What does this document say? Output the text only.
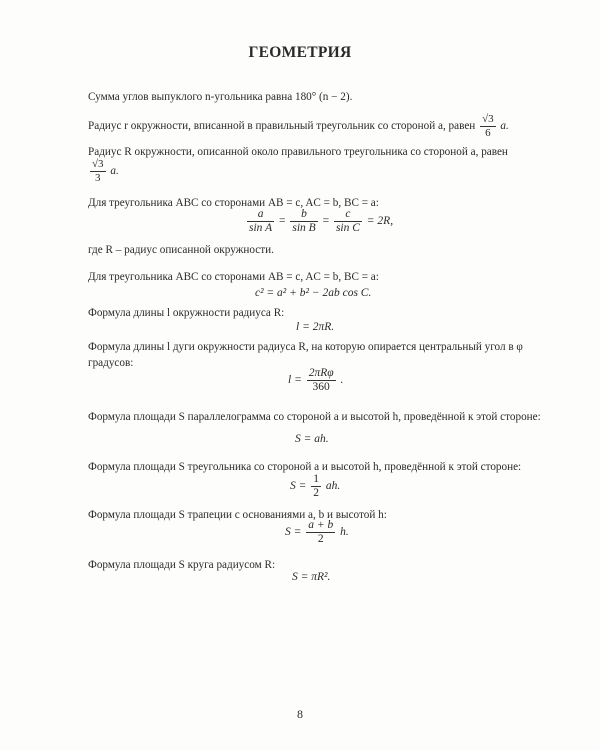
ГЕОМЕТРИЯ
Сумма углов выпуклого n-угольника равна 180° (n − 2).
Радиус r окружности, вписанной в правильный треугольник со стороной a, равен $\frac{√3}{6} a$.
Радиус R окружности, описанной около правильного треугольника со стороной a, равен
$\frac{√3}{3} a$.
Для треугольника ABC со сторонами AB = c, AC = b, BC = a:
$\frac{a}{\text{sin A}} = \frac{b}{\text{sin B}} = \frac{c}{\text{sin C}} = 2R$,
где R – радиус описанной окружности.
Для треугольника ABC со сторонами AB = c, AC = b, BC = a:
c² = a² + b² − 2ab cos C.
Формула длины l окружности радиуса R:
l = 2πR.
Формула длины l дуги окружности радиуса R, на которую опирается центральный угол в φ
градусов:
$l = \frac{\text{2πRφ}}{360}$ .
Формула площади S параллелограмма со стороной a и высотой h, проведённой к этой стороне:
S = ah.
Формула площади S треугольника со стороной a и высотой h, проведённой к этой стороне:
$S = \frac{1}{2}$ ah.
Формула площади S трапеции с основаниями a, b и высотой h:
$S = \frac{a + b}{2} h$.
Формула площади S круга радиусом R:
S = πR².
8
